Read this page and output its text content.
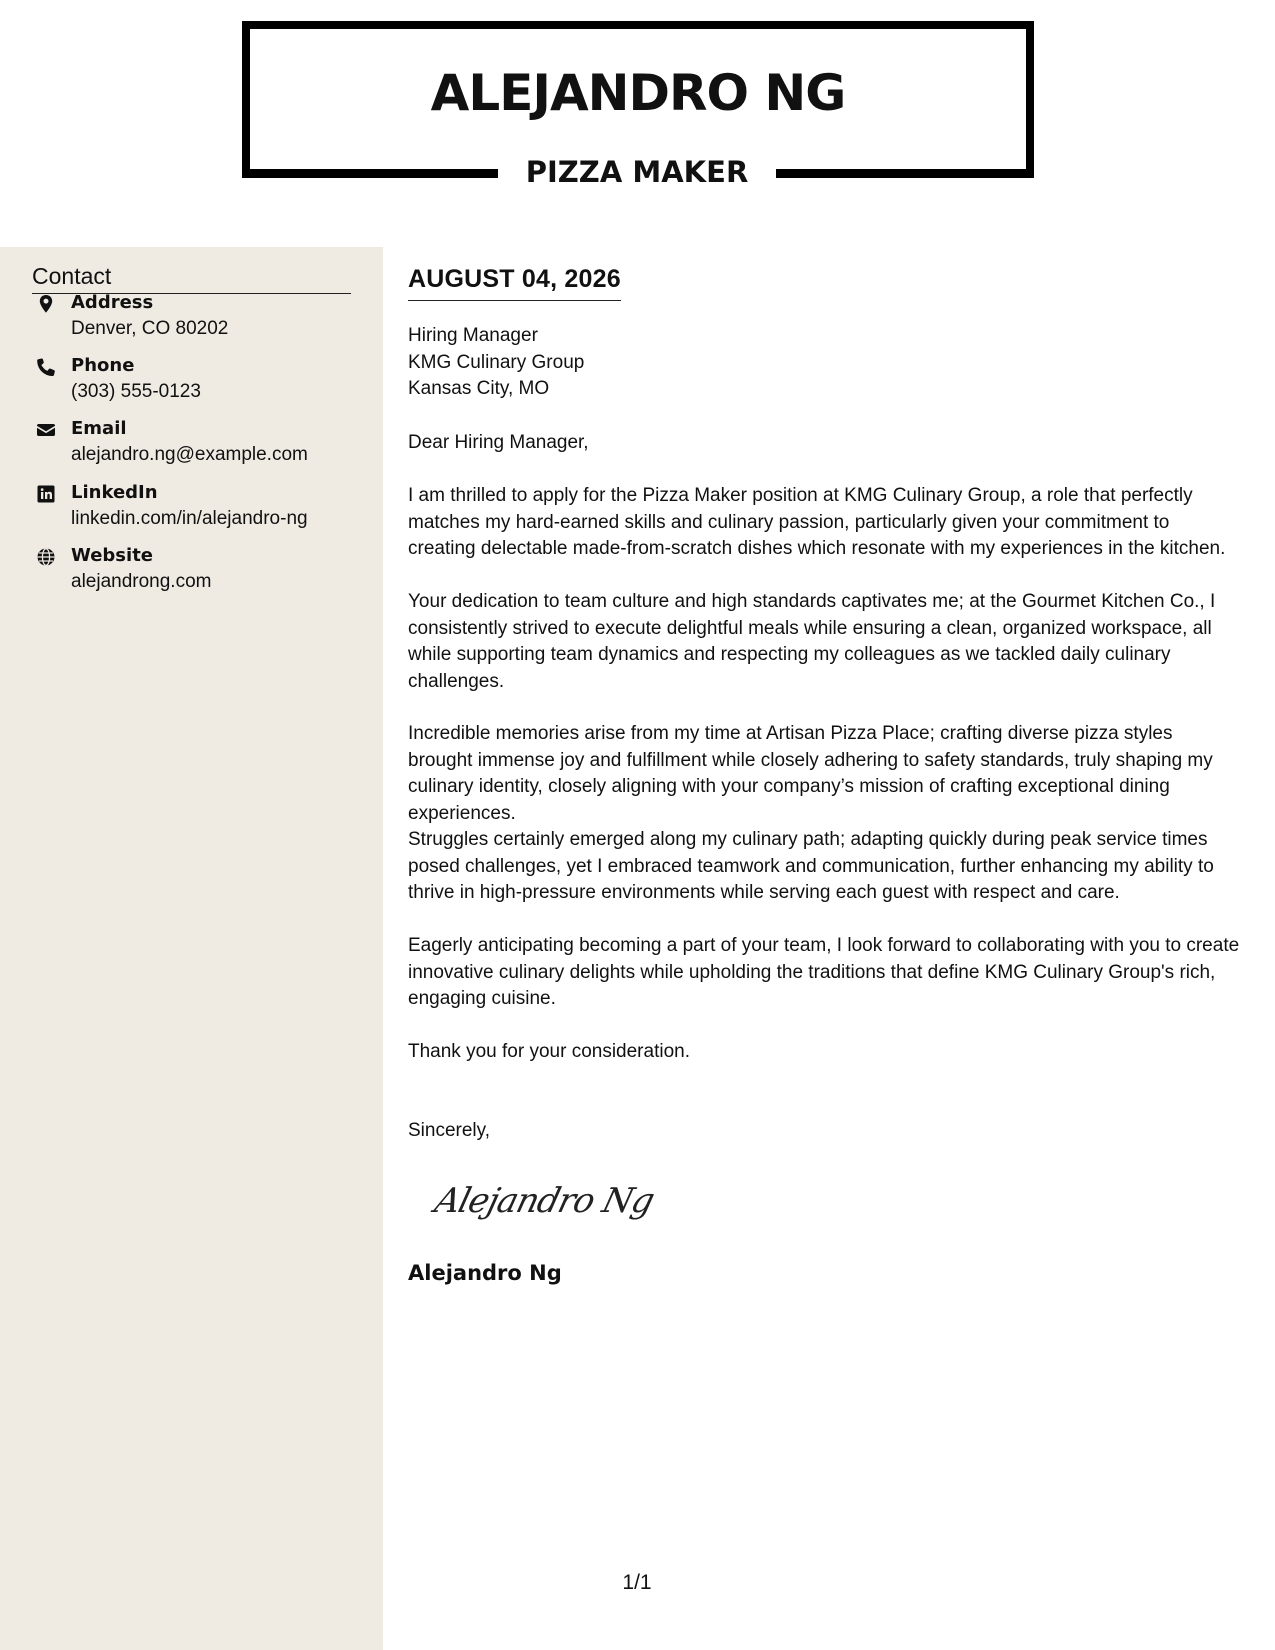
ALEJANDRO NG
PIZZA MAKER
Contact
Address
Denver, CO 80202
Phone
(303) 555-0123
Email
alejandro.ng@example.com
LinkedIn
linkedin.com/in/alejandro-ng
Website
alejandrong.com
AUGUST 04, 2026
Hiring Manager
KMG Culinary Group
Kansas City, MO

Dear Hiring Manager,

I am thrilled to apply for the Pizza Maker position at KMG Culinary Group, a role that perfectly matches my hard-earned skills and culinary passion, particularly given your commitment to creating delectable made-from-scratch dishes which resonate with my experiences in the kitchen.

Your dedication to team culture and high standards captivates me; at the Gourmet Kitchen Co., I consistently strived to execute delightful meals while ensuring a clean, organized workspace, all while supporting team dynamics and respecting my colleagues as we tackled daily culinary challenges.

Incredible memories arise from my time at Artisan Pizza Place; crafting diverse pizza styles brought immense joy and fulfillment while closely adhering to safety standards, truly shaping my culinary identity, closely aligning with your company’s mission of crafting exceptional dining experiences.

Struggles certainly emerged along my culinary path; adapting quickly during peak service times posed challenges, yet I embraced teamwork and communication, further enhancing my ability to thrive in high-pressure environments while serving each guest with respect and care.

Eagerly anticipating becoming a part of your team, I look forward to collaborating with you to create innovative culinary delights while upholding the traditions that define KMG Culinary Group's rich, engaging cuisine.

Thank you for your consideration.

Sincerely,

Alejandro Ng

Alejandro Ng

1/1
